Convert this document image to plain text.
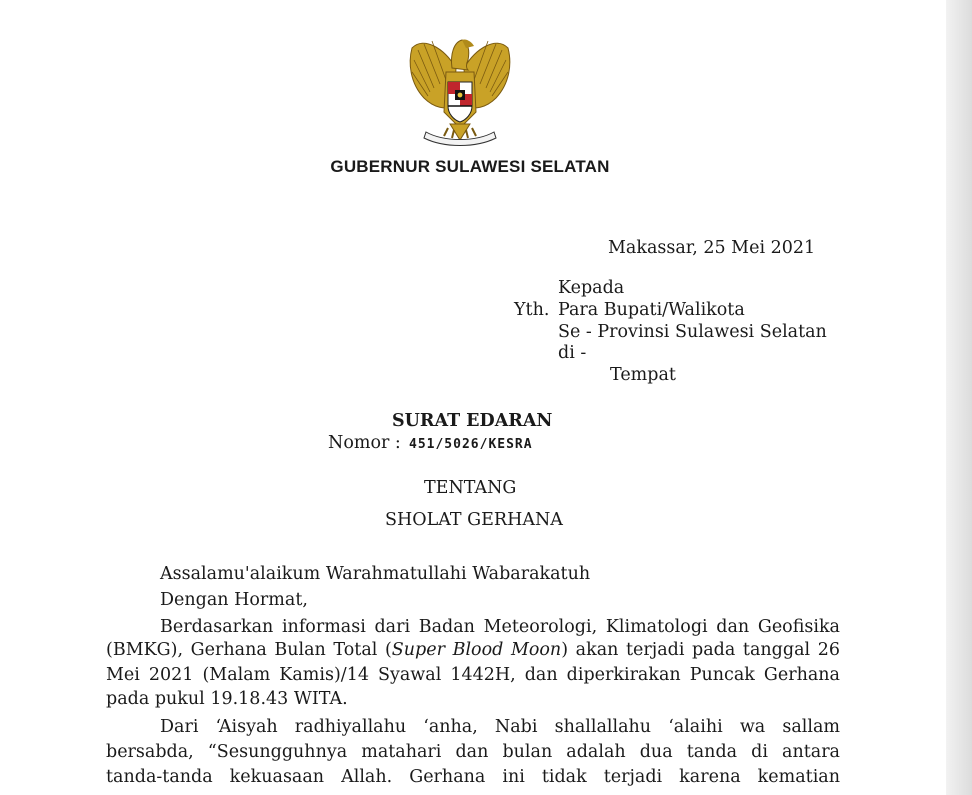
GUBERNUR SULAWESI SELATAN
Makassar, 25 Mei 2021
Kepada
Yth. Para Bupati/Walikota
Se - Provinsi Sulawesi Selatan
di -
Tempat
SURAT EDARAN
Nomor : 451/5026/KESRA
TENTANG
SHOLAT GERHANA
Assalamu'alaikum Warahmatullahi Wabarakatuh
Dengan Hormat,
Berdasarkan informasi dari Badan Meteorologi, Klimatologi dan Geofisika
(BMKG), Gerhana Bulan Total (Super Blood Moon) akan terjadi pada tanggal 26
Mei 2021 (Malam Kamis)/14 Syawal 1442H, dan diperkirakan Puncak Gerhana
pada pukul 19.18.43 WITA.
Dari ‘Aisyah radhiyallahu ‘anha, Nabi shallallahu ‘alaihi wa sallam
bersabda, “Sesungguhnya matahari dan bulan adalah dua tanda di antara
tanda-tanda kekuasaan Allah. Gerhana ini tidak terjadi karena kematian
